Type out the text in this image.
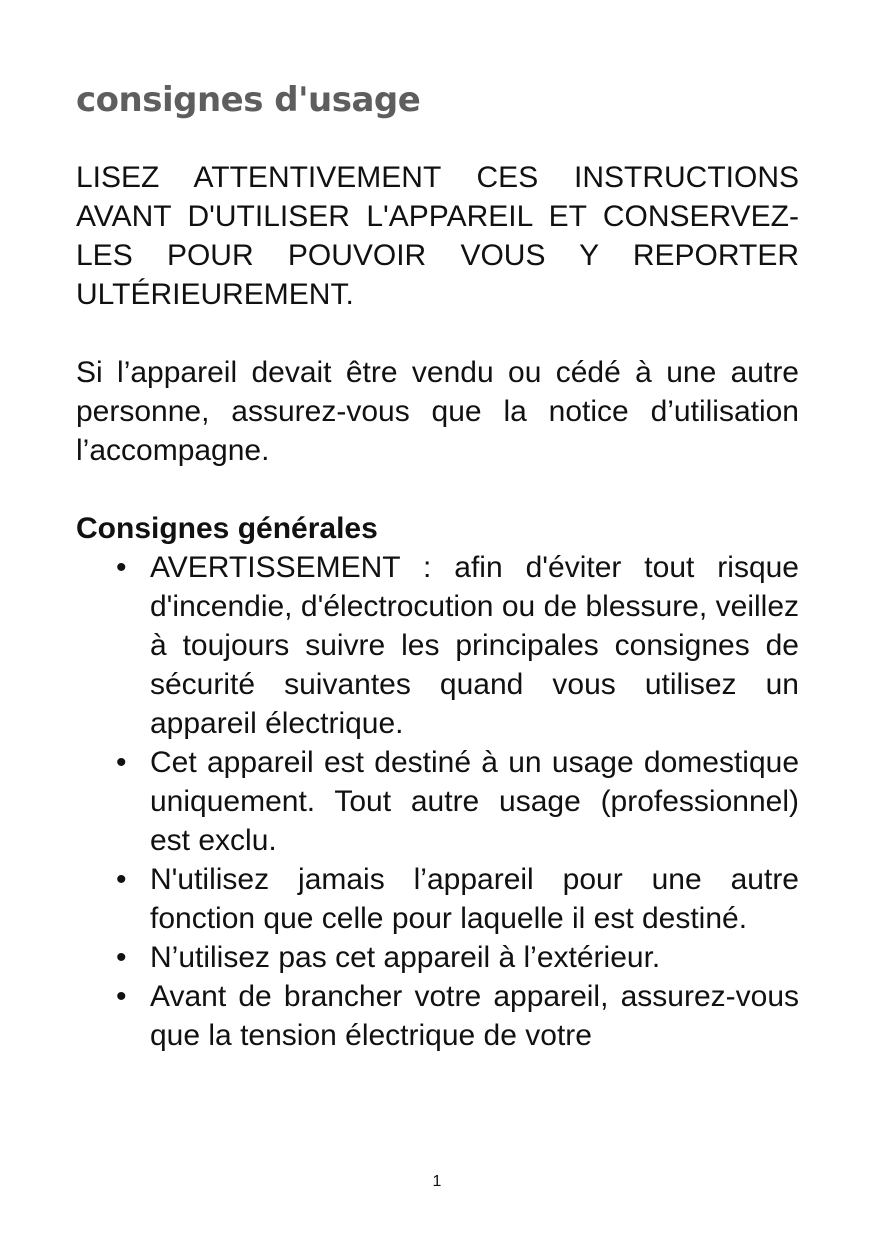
consignes d'usage

LISEZ ATTENTIVEMENT CES INSTRUCTIONS AVANT D'UTILISER L'APPAREIL ET CONSERVEZ-LES POUR POUVOIR VOUS Y REPORTER ULTÉRIEUREMENT.

Si l’appareil devait être vendu ou cédé à une autre personne, assurez-vous que la notice d’utilisation l’accompagne.

Consignes générales
• AVERTISSEMENT : afin d'éviter tout risque d'incendie, d'électrocution ou de blessure, veillez à toujours suivre les principales consignes de sécurité suivantes quand vous utilisez un appareil électrique.
• Cet appareil est destiné à un usage domestique uniquement. Tout autre usage (professionnel) est exclu.
• N'utilisez jamais l’appareil pour une autre fonction que celle pour laquelle il est destiné.
• N’utilisez pas cet appareil à l’extérieur.
• Avant de brancher votre appareil, assurez-vous que la tension électrique de votre
1
